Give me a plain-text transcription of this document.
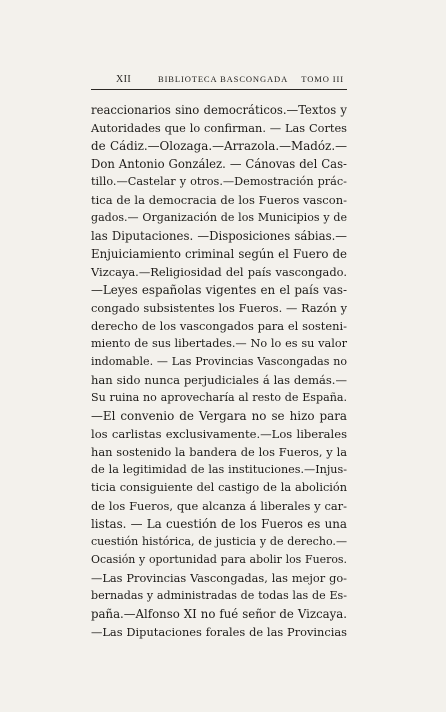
XII	BIBLIOTECA BASCONGADA TOMO III
reaccionarios sino democráticos.—Textos y
Autoridades que lo confirman. — Las Cortes
de Cádiz.—Olozaga.—Arrazola.—Madóz.—
Don Antonio González. — Cánovas del Cas-
tillo.—Castelar y otros.—Demostración prác-
tica de la democracia de los Fueros vascon-
gados.— Organización de los Municipios y de
las Diputaciones. —Disposiciones sábias.—
Enjuiciamiento criminal según el Fuero de
Vizcaya.—Religiosidad del país vascongado.
—Leyes españolas vigentes en el país vas-
congado subsistentes los Fueros. — Razón y
derecho de los vascongados para el sosteni-
miento de sus libertades.— No lo es su valor
indomable. — Las Provincias Vascongadas no
han sido nunca perjudiciales á las demás.—
Su ruina no aprovecharía al resto de España.
—El convenio de Vergara no se hizo para
los carlistas exclusivamente.—Los liberales
han sostenido la bandera de los Fueros, y la
de la legitimidad de las instituciones.—Injus-
ticia consiguiente del castigo de la abolición
de los Fueros, que alcanza á liberales y car-
listas. — La cuestión de los Fueros es una
cuestión histórica, de justicia y de derecho.—
Ocasión y oportunidad para abolir los Fueros.
—Las Provincias Vascongadas, las mejor go-
bernadas y administradas de todas las de Es-
paña.—Alfonso XI no fué señor de Vizcaya.
—Las Diputaciones forales de las Provincias
